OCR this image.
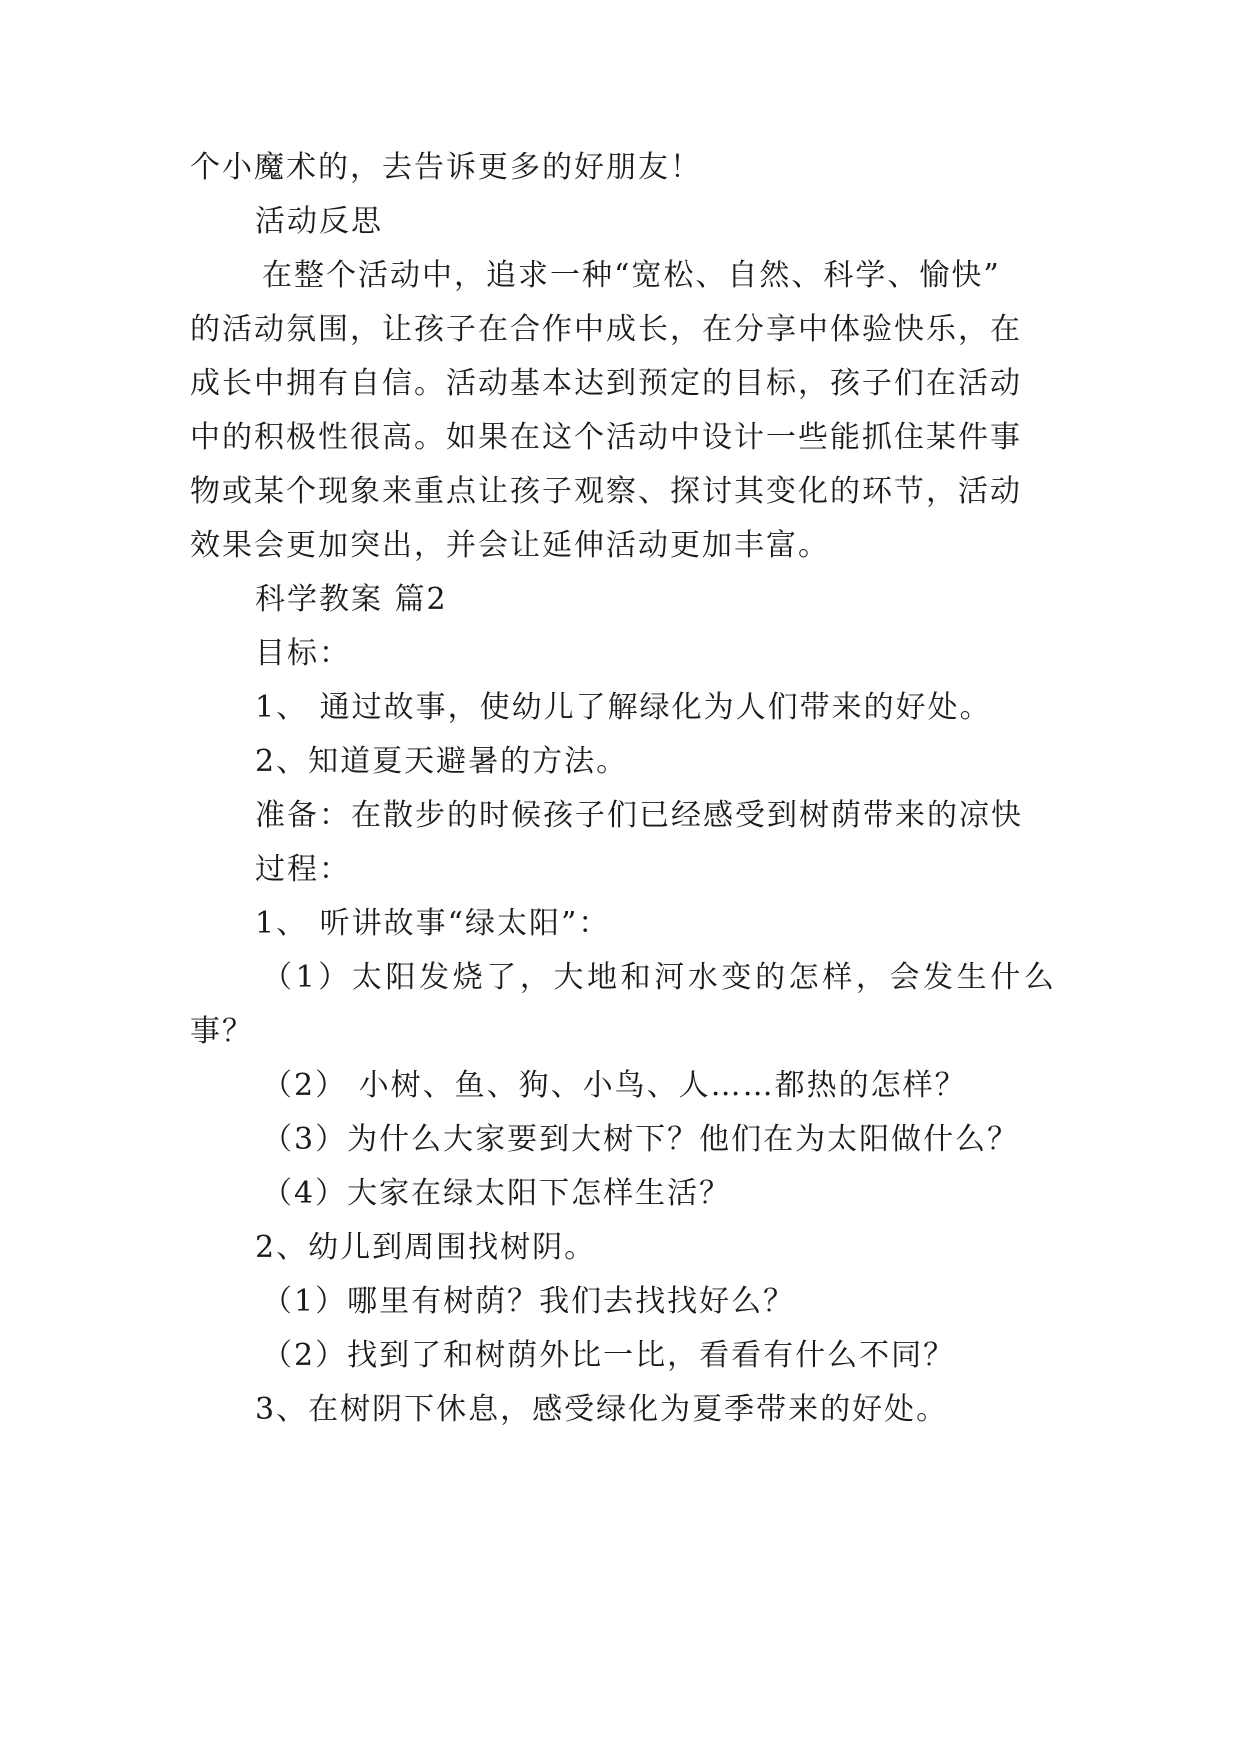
个小魔术的，去告诉更多的好朋友！

活动反思

在整个活动中，追求一种“宽松、自然、科学、愉快”

的活动氛围，让孩子在合作中成长，在分享中体验快乐，在

成长中拥有自信。活动基本达到预定的目标，孩子们在活动

中的积极性很高。如果在这个活动中设计一些能抓住某件事

物或某个现象来重点让孩子观察、探讨其变化的环节，活动

效果会更加突出，并会让延伸活动更加丰富。

科学教案 篇2

目标：

1、 通过故事，使幼儿了解绿化为人们带来的好处。

2、知道夏天避暑的方法。

准备：在散步的时候孩子们已经感受到树荫带来的凉快

过程：

1、 听讲故事“绿太阳”：

（1）太阳发烧了，大地和河水变的怎样，会发生什么

事？

（2） 小树、鱼、狗、小鸟、人……都热的怎样？

（3）为什么大家要到大树下？他们在为太阳做什么？

（4）大家在绿太阳下怎样生活？

2、幼儿到周围找树阴。

（1）哪里有树荫？我们去找找好么？

（2）找到了和树荫外比一比，看看有什么不同？

3、在树阴下休息，感受绿化为夏季带来的好处。
